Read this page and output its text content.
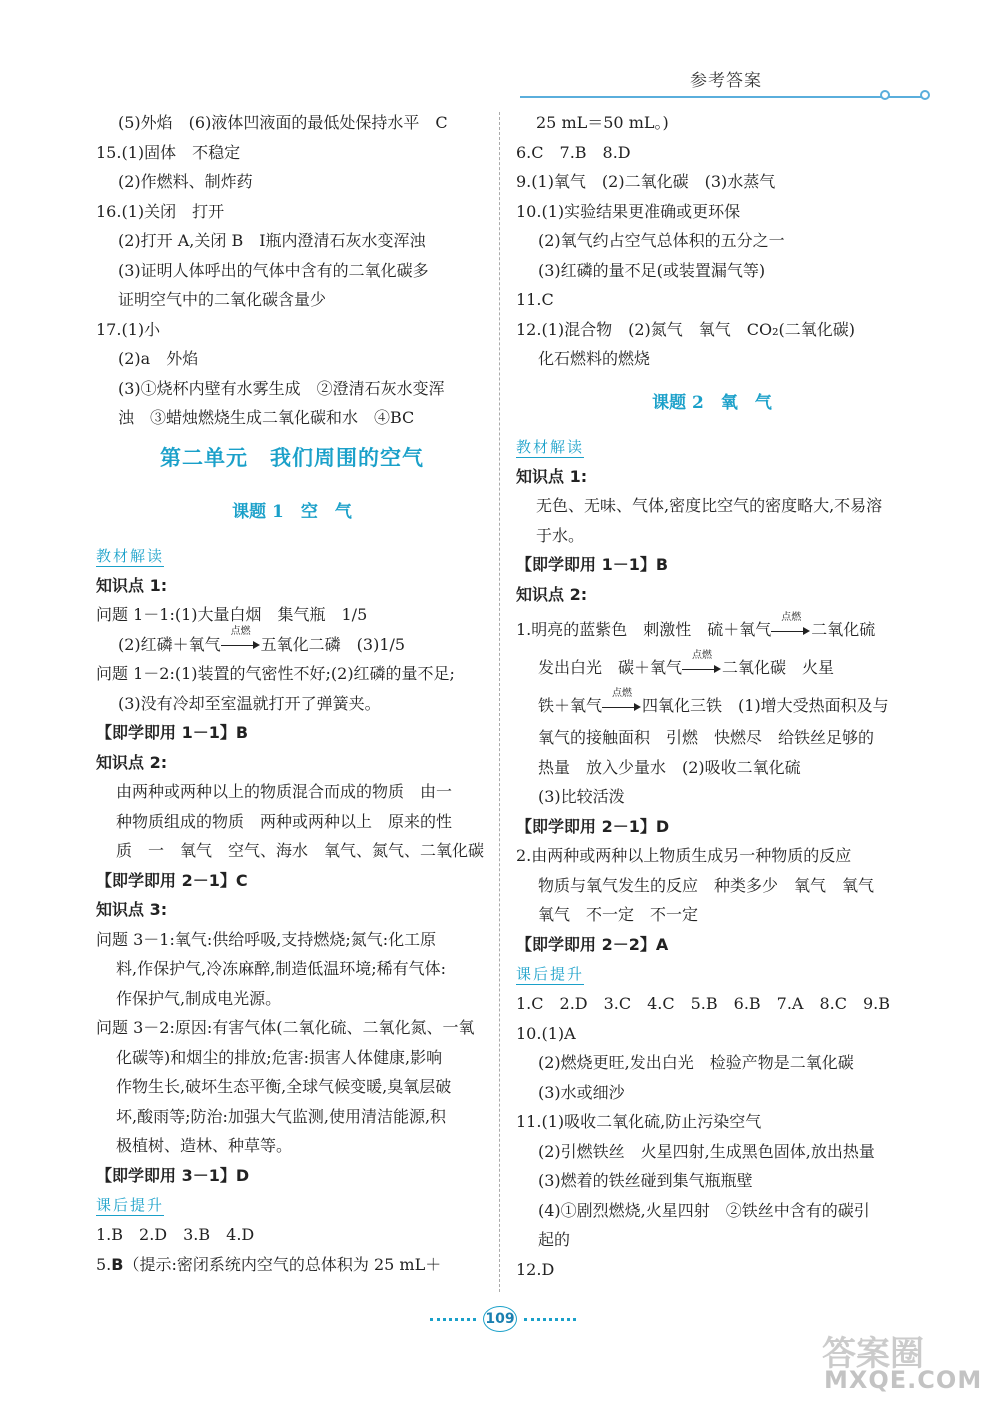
参考答案
(5)外焰　(6)液体凹液面的最低处保持水平　C
15.(1)固体　不稳定
(2)作燃料、制炸药
16.(1)关闭　打开
(2)打开 A,关闭 B　Ⅰ瓶内澄清石灰水变浑浊
(3)证明人体呼出的气体中含有的二氧化碳多
证明空气中的二氧化碳含量少
17.(1)小
(2)a　外焰
(3)①烧杯内壁有水雾生成　②澄清石灰水变浑
浊　③蜡烛燃烧生成二氧化碳和水　④BC
第二单元　我们周围的空气
课题 1　空　气
教材解读
知识点 1:
问题 1－1:(1)大量白烟　集气瓶　1/5
(2)红磷＋氧气
点燃
五氧化二磷　(3)1/5
问题 1－2:(1)装置的气密性不好;(2)红磷的量不足;
(3)没有冷却至室温就打开了弹簧夹。
【即学即用 1－1】B
知识点 2:
由两种或两种以上的物质混合而成的物质　由一
种物质组成的物质　两种或两种以上　原来的性
质　一　氧气　空气、海水　氧气、氮气、二氧化碳
【即学即用 2－1】C
知识点 3:
问题 3－1:氧气:供给呼吸,支持燃烧;氮气:化工原
料,作保护气,冷冻麻醉,制造低温环境;稀有气体:
作保护气,制成电光源。
问题 3－2:原因:有害气体(二氧化硫、二氧化氮、一氧
化碳等)和烟尘的排放;危害:损害人体健康,影响
作物生长,破坏生态平衡,全球气候变暖,臭氧层破
坏,酸雨等;防治:加强大气监测,使用清洁能源,积
极植树、造林、种草等。
【即学即用 3－1】D
课后提升
1.B　2.D　3.B　4.D
5.B（提示:密闭系统内空气的总体积为 25 mL＋
25 mL＝50 mL。)
6.C　7.B　8.D
9.(1)氧气　(2)二氧化碳　(3)水蒸气
10.(1)实验结果更准确或更环保
(2)氧气约占空气总体积的五分之一
(3)红磷的量不足(或装置漏气等)
11.C
12.(1)混合物　(2)氮气　氧气　CO₂(二氧化碳)
化石燃料的燃烧
课题 2　氧　气
教材解读
知识点 1:
无色、无味、气体,密度比空气的密度略大,不易溶
于水。
【即学即用 1－1】B
知识点 2:
1.明亮的蓝紫色　刺激性　硫＋氧气
点燃
二氧化硫
发出白光　碳＋氧气
点燃
二氧化碳　火星
铁＋氧气
点燃
四氧化三铁　(1)增大受热面积及与
氧气的接触面积　引燃　快燃尽　给铁丝足够的
热量　放入少量水　(2)吸收二氧化硫
(3)比较活泼
【即学即用 2－1】D
2.由两种或两种以上物质生成另一种物质的反应
物质与氧气发生的反应　种类多少　氧气　氧气
氧气　不一定　不一定
【即学即用 2－2】A
课后提升
1.C　2.D　3.C　4.C　5.B　6.B　7.A　8.C　9.B
10.(1)A
(2)燃烧更旺,发出白光　检验产物是二氧化碳
(3)水或细沙
11.(1)吸收二氧化硫,防止污染空气
(2)引燃铁丝　火星四射,生成黑色固体,放出热量
(3)燃着的铁丝碰到集气瓶瓶壁
(4)①剧烈燃烧,火星四射　②铁丝中含有的碳引
起的
12.D
109
答案圈
MXQE.COM
